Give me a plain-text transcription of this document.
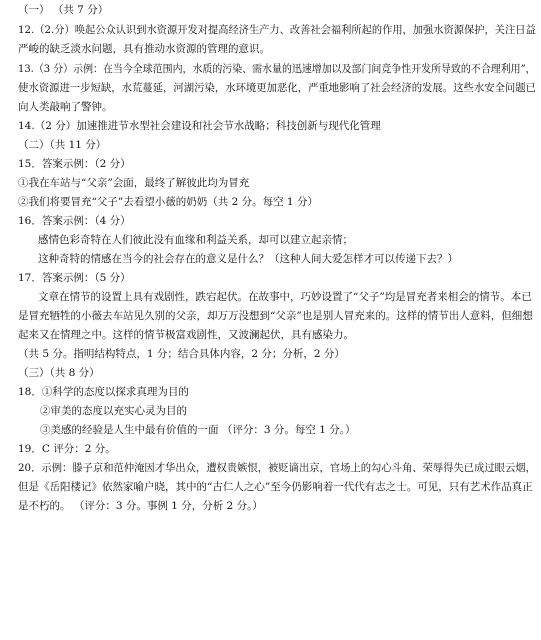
（一） （共 7 分）
12.（2.分）唤起公众认识到水资源开发对提高经济生产力、改善社会福利所起的作用，加强水资源保护，关注日益
严峻的缺乏淡水问题，具有推动水资源的管理的意识。
13.（3 分）示例：在当今全球范围内，水质的污染、需水量的迅速增加以及部门间竞争性开发所导致的不合理利用”，
使水资源进一步短缺，水荒蔓延，河湖污染，水环境更加恶化，严重地影响了社会经济的发展。这些水安全问题已
向人类敲响了警钟。
14.（2 分）加速推进节水型社会建设和社会节水战略；科技创新与现代化管理
（二）（共 11 分）
15．答案示例：（2 分）
①我在车站与“父亲”会面，最终了解彼此均为冒充
②我们将要冒充“父子”去看望小薇的奶奶（共 2 分。每空 1 分）
16．答案示例：（4 分）
感情色彩奇特在人们彼此没有血缘和利益关系，却可以建立起亲情；
这种奇特的情感在当今的社会存在的意义是什么？（这种人间大爱怎样才可以传递下去？）
17．答案示例：（5 分）
文章在情节的设置上具有戏剧性，跌宕起伏。在故事中，巧妙设置了“父子”均是冒充者来相会的情节。本已
是冒充牺牲的小薇去车站见久别的父亲，却万万没想到“父亲”也是别人冒充来的。这样的情节出人意料，但细想
起来又在情理之中。这样的情节极富戏剧性，又波澜起伏，具有感染力。
（共 5 分。指明结构特点，1 分；结合具体内容，2 分；分析，2 分）
（三）（共 8 分）
18．①科学的态度以探求真理为目的
②审美的态度以充实心灵为目的
③美感的经验是人生中最有价值的一面 （评分：3 分。每空 1 分。）
19．C 评分：2 分。
20．示例：滕子京和范仲淹因才华出众，遭权贵嫉恨，被贬谪出京，官场上的勾心斗角、荣辱得失已成过眼云烟，
但是《岳阳楼记》依然家喻户晓，其中的“古仁人之心”至今仍影响着一代代有志之士。可见，只有艺术作品真正
是不朽的。 （评分：3 分。事例 1 分，分析 2 分。）
